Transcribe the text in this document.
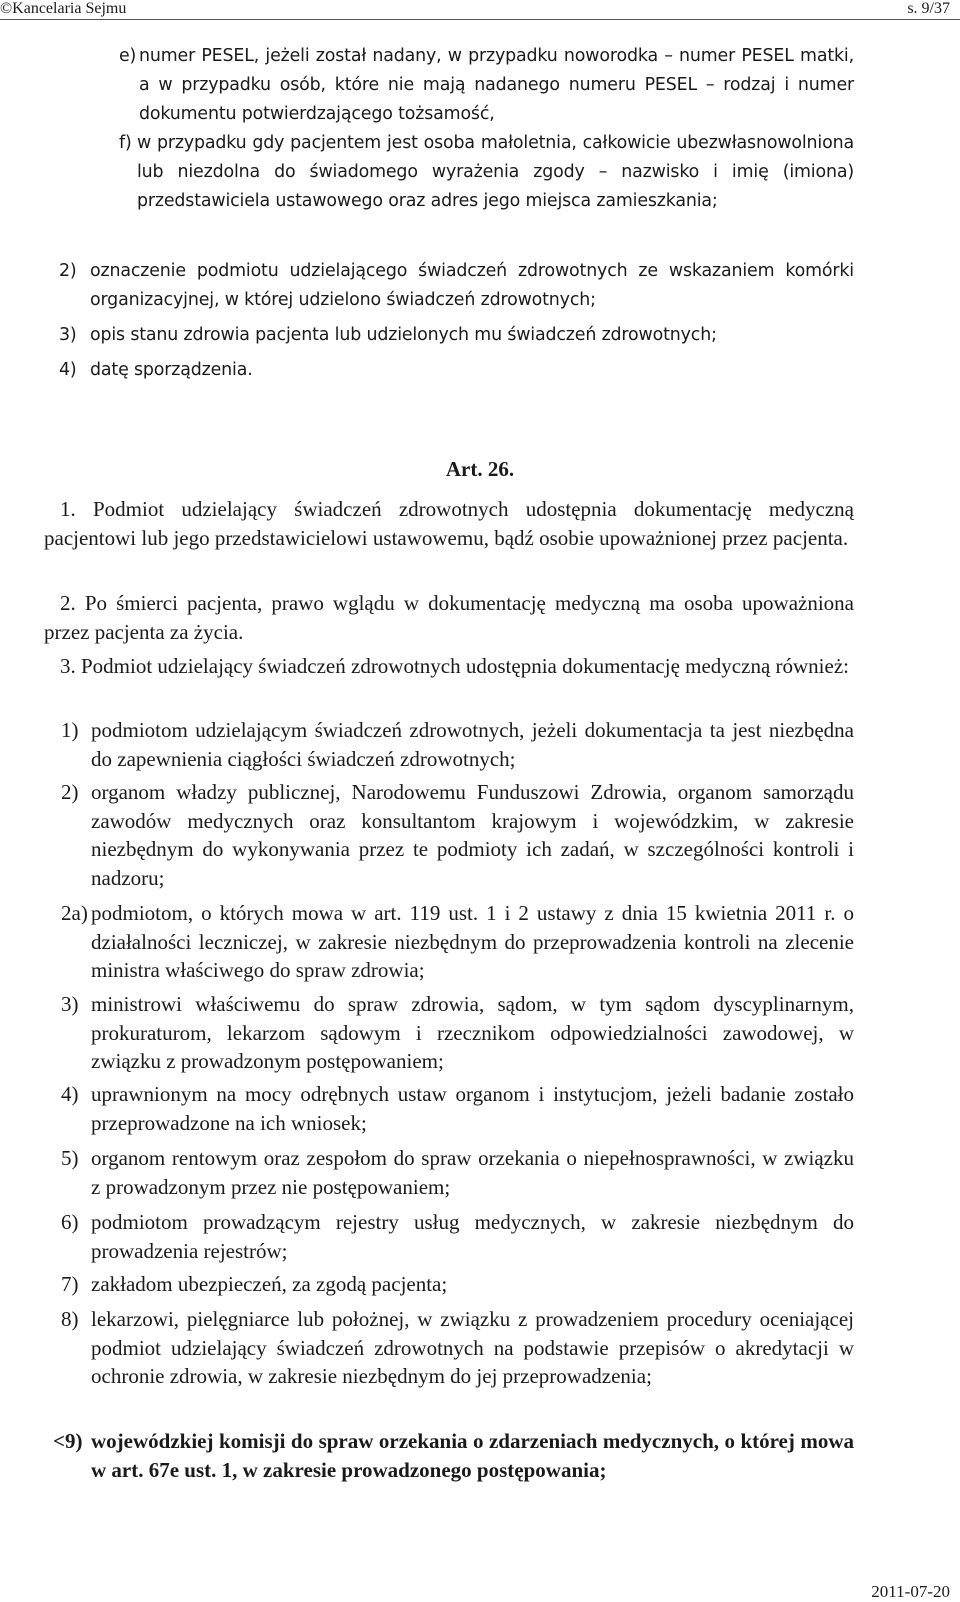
©Kancelaria Sejmu	s. 9/37
e) numer PESEL, jeżeli został nadany, w przypadku noworodka – numer PESEL matki, a w przypadku osób, które nie mają nadanego numeru PESEL – rodzaj i numer dokumentu potwierdzającego tożsamość,
f) w przypadku gdy pacjentem jest osoba małoletnia, całkowicie ubezwłasnowolniona lub niezdolna do świadomego wyrażenia zgody – nazwisko i imię (imiona) przedstawiciela ustawowego oraz adres jego miejsca zamieszkania;
2) oznaczenie podmiotu udzielającego świadczeń zdrowotnych ze wskazaniem komórki organizacyjnej, w której udzielono świadczeń zdrowotnych;
3) opis stanu zdrowia pacjenta lub udzielonych mu świadczeń zdrowotnych;
4) datę sporządzenia.
Art. 26.
1. Podmiot udzielający świadczeń zdrowotnych udostępnia dokumentację medyczną pacjentowi lub jego przedstawicielowi ustawowemu, bądź osobie upoważnionej przez pacjenta.
2. Po śmierci pacjenta, prawo wglądu w dokumentację medyczną ma osoba upoważniona przez pacjenta za życia.
3. Podmiot udzielający świadczeń zdrowotnych udostępnia dokumentację medyczną również:
1) podmiotom udzielającym świadczeń zdrowotnych, jeżeli dokumentacja ta jest niezbędna do zapewnienia ciągłości świadczeń zdrowotnych;
2) organom władzy publicznej, Narodowemu Funduszowi Zdrowia, organom samorządu zawodów medycznych oraz konsultantom krajowym i wojewódzkim, w zakresie niezbędnym do wykonywania przez te podmioty ich zadań, w szczególności kontroli i nadzoru;
2a) podmiotom, o których mowa w art. 119 ust. 1 i 2 ustawy z dnia 15 kwietnia 2011 r. o działalności leczniczej, w zakresie niezbędnym do przeprowadzenia kontroli na zlecenie ministra właściwego do spraw zdrowia;
3) ministrowi właściwemu do spraw zdrowia, sądom, w tym sądom dyscyplinarnym, prokuraturom, lekarzom sądowym i rzecznikom odpowiedzialności zawodowej, w związku z prowadzonym postępowaniem;
4) uprawnionym na mocy odrębnych ustaw organom i instytucjom, jeżeli badanie zostało przeprowadzone na ich wniosek;
5) organom rentowym oraz zespołom do spraw orzekania o niepełnosprawności, w związku z prowadzonym przez nie postępowaniem;
6) podmiotom prowadzącym rejestry usług medycznych, w zakresie niezbędnym do prowadzenia rejestrów;
7) zakładom ubezpieczeń, za zgodą pacjenta;
8) lekarzowi, pielęgniarce lub położnej, w związku z prowadzeniem procedury oceniającej podmiot udzielający świadczeń zdrowotnych na podstawie przepisów o akredytacji w ochronie zdrowia, w zakresie niezbędnym do jej przeprowadzenia;
<9) wojewódzkiej komisji do spraw orzekania o zdarzeniach medycznych, o której mowa w art. 67e ust. 1, w zakresie prowadzonego postępowania;
2011-07-20
